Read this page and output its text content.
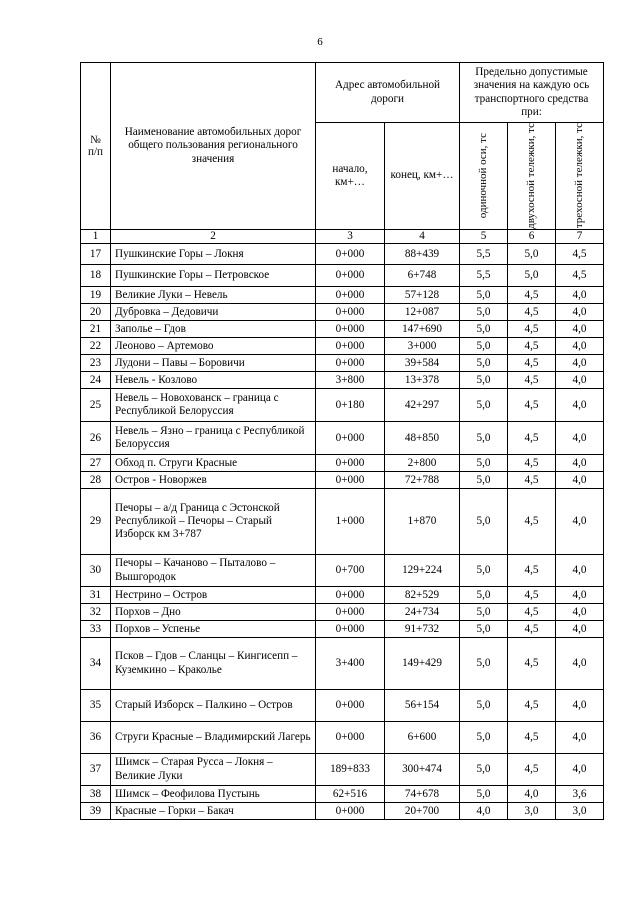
6
№
п/п	Наименование автомобильных дорог общего пользования регионального значения	Адрес автомобильной дороги		Предельно допустимые значения на каждую ось транспортного средства при:		
		начало, км+…	конец, км+…	одиночной оси, тс	двухосной тележки, тс	трехосной тележки, тс

1	2	3	4	5	6	7
17	Пушкинские Горы – Локня	0+000	88+439	5,5	5,0	4,5
18	Пушкинские Горы – Петровское	0+000	6+748	5,5	5,0	4,5
19	Великие Луки – Невель	0+000	57+128	5,0	4,5	4,0
20	Дубровка – Дедовичи	0+000	12+087	5,0	4,5	4,0
21	Заполье – Гдов	0+000	147+690	5,0	4,5	4,0
22	Леоново – Артемово	0+000	3+000	5,0	4,5	4,0
23	Лудони – Павы – Боровичи	0+000	39+584	5,0	4,5	4,0
24	Невель - Козлово	3+800	13+378	5,0	4,5	4,0
25	Невель – Новохованск – граница с Республикой Белоруссия	0+180	42+297	5,0	4,5	4,0
26	Невель – Язно – граница с Республикой Белоруссия	0+000	48+850	5,0	4,5	4,0
27	Обход п. Струги Красные	0+000	2+800	5,0	4,5	4,0
28	Остров - Новоржев	0+000	72+788	5,0	4,5	4,0
29	Печоры – а/д Граница с Эстонской Республикой – Печоры – Старый Изборск км 3+787	1+000	1+870	5,0	4,5	4,0
30	Печоры – Качаново – Пыталово – Вышгородок	0+700	129+224	5,0	4,5	4,0
31	Нестрино – Остров	0+000	82+529	5,0	4,5	4,0
32	Порхов – Дно	0+000	24+734	5,0	4,5	4,0
33	Порхов – Успенье	0+000	91+732	5,0	4,5	4,0
34	Псков – Гдов – Сланцы – Кингисепп – Куземкино – Краколье	3+400	149+429	5,0	4,5	4,0
35	Старый Изборск – Палкино – Остров	0+000	56+154	5,0	4,5	4,0
36	Струги Красные – Владимирский Лагерь	0+000	6+600	5,0	4,5	4,0
37	Шимск – Старая Русса – Локня – Великие Луки	189+833	300+474	5,0	4,5	4,0
38	Шимск – Феофилова Пустынь	62+516	74+678	5,0	4,0	3,6
39	Красные – Горки – Бакач	0+000	20+700	4,0	3,0	3,0
